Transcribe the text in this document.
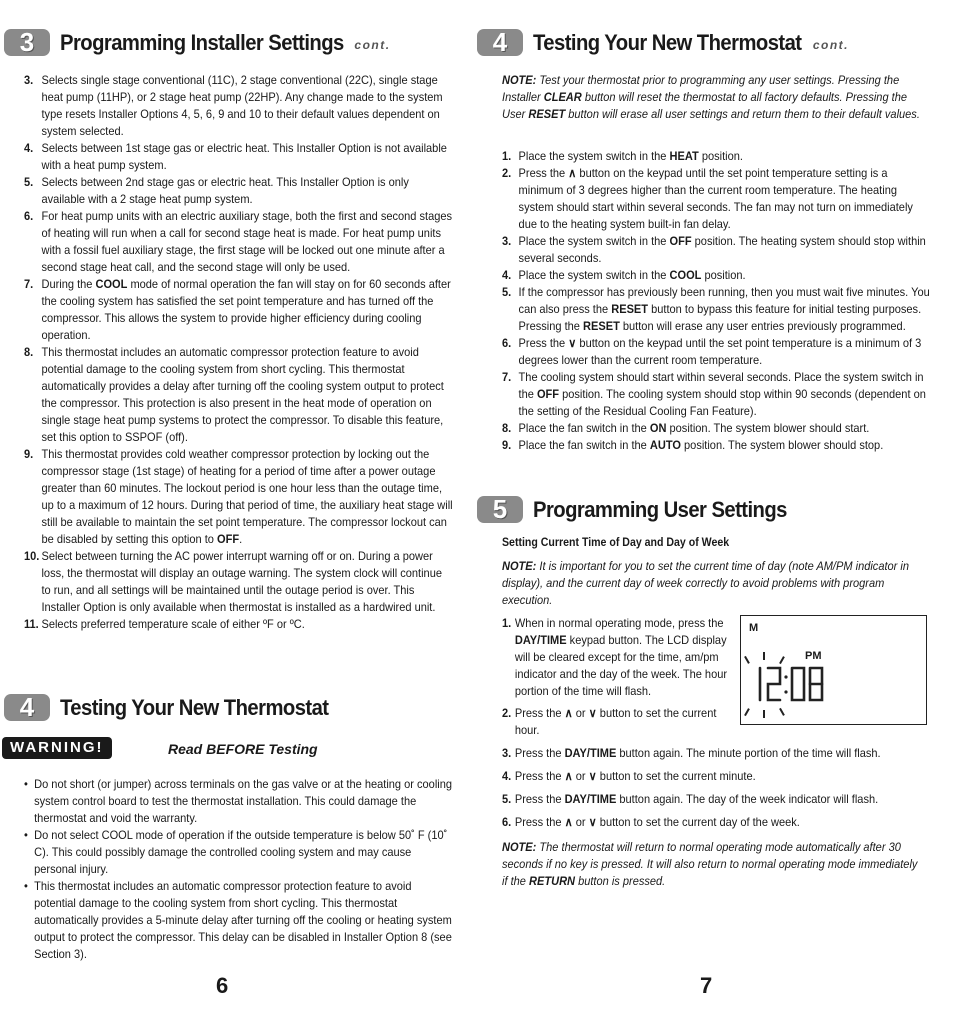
3	Programming Installer Settings cont.
3. Selects single stage conventional (11C), 2 stage conventional (22C), single stage heat pump (11HP), or 2 stage heat pump (22HP). Any change made to the system type resets Installer Options 4, 5, 6, 9 and 10 to their default values dependent on system selected.
4. Selects between 1st stage gas or electric heat. This Installer Option is not available with a heat pump system.
5. Selects between 2nd stage gas or electric heat. This Installer Option is only available with a 2 stage heat pump system.
6. For heat pump units with an electric auxiliary stage, both the first and second stages of heating will run when a call for second stage heat is made. For heat pump units with a fossil fuel auxiliary stage, the first stage will be locked out one minute after a second stage heat call, and the second stage will only be used.
7. During the COOL mode of normal operation the fan will stay on for 60 seconds after the cooling system has satisfied the set point temperature and has turned off the compressor. This allows the system to provide higher efficiency during cooling operation.
8. This thermostat includes an automatic compressor protection feature to avoid potential damage to the cooling system from short cycling. This thermostat automatically provides a delay after turning off the cooling system output to protect the compressor. This protection is also present in the heat mode of operation on single stage heat pump systems to protect the compressor. To disable this feature, set this option to SSPOF (off).
9. This thermostat provides cold weather compressor protection by locking out the compressor stage (1st stage) of heating for a period of time after a power outage greater than 60 minutes. The lockout period is one hour less than the outage time, up to a maximum of 12 hours. During that period of time, the auxiliary heat stage will still be available to maintain the set point temperature. The compressor lockout can be disabled by setting this option to OFF.
10. Select between turning the AC power interrupt warning off or on. During a power loss, the thermostat will display an outage warning. The system clock will continue to run, and all settings will be maintained until the outage period is over. This Installer Option is only available when thermostat is installed as a hardwired unit.
11. Selects preferred temperature scale of either ºF or ºC.
4	Testing Your New Thermostat
WARNING!	Read BEFORE Testing
• Do not short (or jumper) across terminals on the gas valve or at the heating or cooling system control board to test the thermostat installation. This could damage the thermostat and void the warranty.
• Do not select COOL mode of operation if the outside temperature is below 50˚ F (10˚ C). This could possibly damage the controlled cooling system and may cause personal injury.
• This thermostat includes an automatic compressor protection feature to avoid potential damage to the cooling system from short cycling. This thermostat automatically provides a 5-minute delay after turning off the cooling or heating system output to protect the compressor. This delay can be disabled in Installer Option 8 (see Section 3).
6
4	Testing Your New Thermostat cont.
NOTE: Test your thermostat prior to programming any user settings. Pressing the Installer CLEAR button will reset the thermostat to all factory defaults. Pressing the User RESET button will erase all user settings and return them to their default values.
1. Place the system switch in the HEAT position.
2. Press the ∧ button on the keypad until the set point temperature setting is a minimum of 3 degrees higher than the current room temperature. The heating system should start within several seconds. The fan may not turn on immediately due to the heating system built-in fan delay.
3. Place the system switch in the OFF position. The heating system should stop within several seconds.
4. Place the system switch in the COOL position.
5. If the compressor has previously been running, then you must wait five minutes. You can also press the RESET button to bypass this feature for initial testing purposes. Pressing the RESET button will erase any user entries previously programmed.
6. Press the ∨ button on the keypad until the set point temperature is a minimum of 3 degrees lower than the current room temperature.
7. The cooling system should start within several seconds. Place the system switch in the OFF position. The cooling system should stop within 90 seconds (dependent on the setting of the Residual Cooling Fan Feature).
8. Place the fan switch in the ON position. The system blower should start.
9. Place the fan switch in the AUTO position. The system blower should stop.
5	Programming User Settings
Setting Current Time of Day and Day of Week
NOTE: It is important for you to set the current time of day (note AM/PM indicator in display), and the current day of week correctly to avoid problems with program execution.
1. When in normal operating mode, press the DAY/TIME keypad button. The LCD display will be cleared except for the time, am/pm indicator and the day of the week. The hour portion of the time will flash.
2. Press the ∧ or ∨ button to set the current hour.
M
PM
3. Press the DAY/TIME button again. The minute portion of the time will flash.
4. Press the ∧ or ∨ button to set the current minute.
5. Press the DAY/TIME button again. The day of the week indicator will flash.
6. Press the ∧ or ∨ button to set the current day of the week.
NOTE: The thermostat will return to normal operating mode automatically after 30 seconds if no key is pressed. It will also return to normal operating mode immediately if the RETURN button is pressed.
7
